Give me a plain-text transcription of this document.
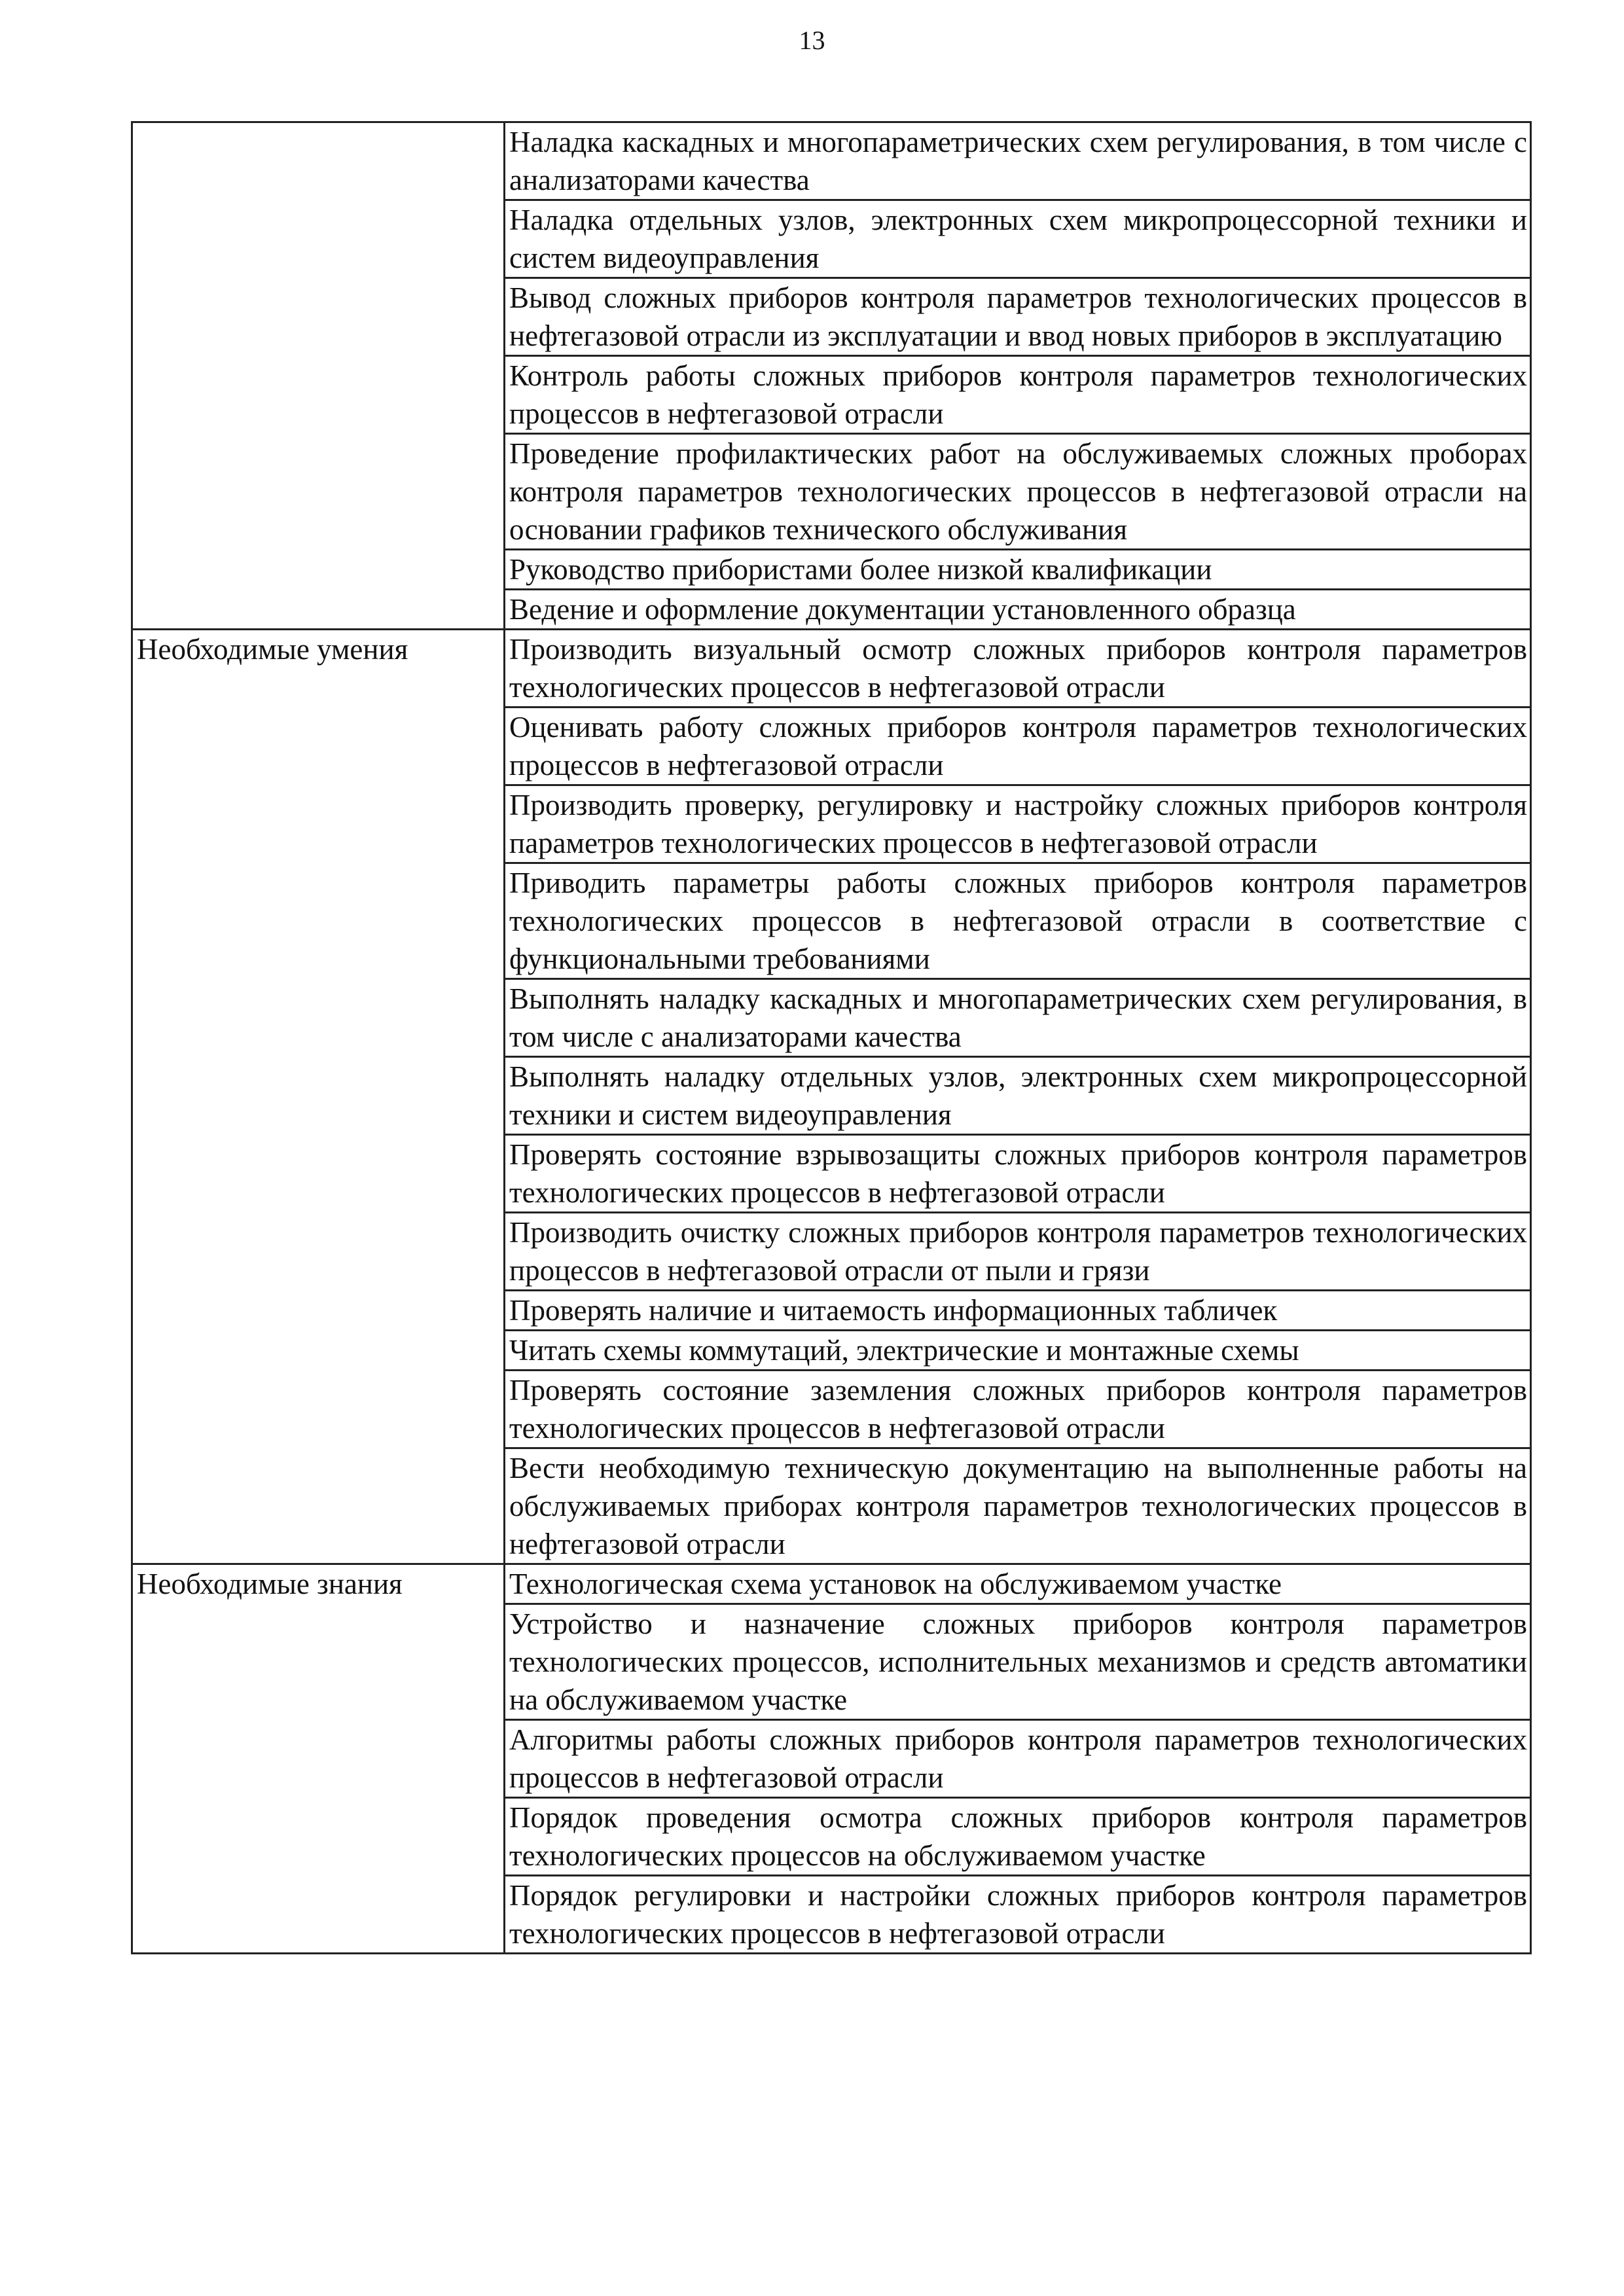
13
	Наладка каскадных и многопараметрических схем регулирования, в том числе с анализаторами качества
	Наладка отдельных узлов, электронных схем микропроцессорной техники и систем видеоуправления
	Вывод сложных приборов контроля параметров технологических процессов в нефтегазовой отрасли из эксплуатации и ввод новых приборов в эксплуатацию
	Контроль работы сложных приборов контроля параметров технологических процессов в нефтегазовой отрасли
	Проведение профилактических работ на обслуживаемых сложных проборах контроля параметров технологических процессов в нефтегазовой отрасли на основании графиков технического обслуживания
	Руководство прибористами более низкой квалификации
	Ведение и оформление документации установленного образца
Необходимые умения	Производить визуальный осмотр сложных приборов контроля параметров технологических процессов в нефтегазовой отрасли
	Оценивать работу сложных приборов контроля параметров технологических процессов в нефтегазовой отрасли
	Производить проверку, регулировку и настройку сложных приборов контроля параметров технологических процессов в нефтегазовой отрасли
	Приводить параметры работы сложных приборов контроля параметров технологических процессов в нефтегазовой отрасли в соответствие с функциональными требованиями
	Выполнять наладку каскадных и многопараметрических схем регулирования, в том числе с анализаторами качества
	Выполнять наладку отдельных узлов, электронных схем микропроцессорной техники и систем видеоуправления
	Проверять состояние взрывозащиты сложных приборов контроля параметров технологических процессов в нефтегазовой отрасли
	Производить очистку сложных приборов контроля параметров технологических процессов в нефтегазовой отрасли от пыли и грязи
	Проверять наличие и читаемость информационных табличек
	Читать схемы коммутаций, электрические и монтажные схемы
	Проверять состояние заземления сложных приборов контроля параметров технологических процессов в нефтегазовой отрасли
	Вести необходимую техническую документацию на выполненные работы на обслуживаемых приборах контроля параметров технологических процессов в нефтегазовой отрасли
Необходимые знания	Технологическая схема установок на обслуживаемом участке
	Устройство и назначение сложных приборов контроля параметров технологических процессов, исполнительных механизмов и средств автоматики на обслуживаемом участке
	Алгоритмы работы сложных приборов контроля параметров технологических процессов в нефтегазовой отрасли
	Порядок проведения осмотра сложных приборов контроля параметров технологических процессов на обслуживаемом участке
	Порядок регулировки и настройки сложных приборов контроля параметров технологических процессов в нефтегазовой отрасли
